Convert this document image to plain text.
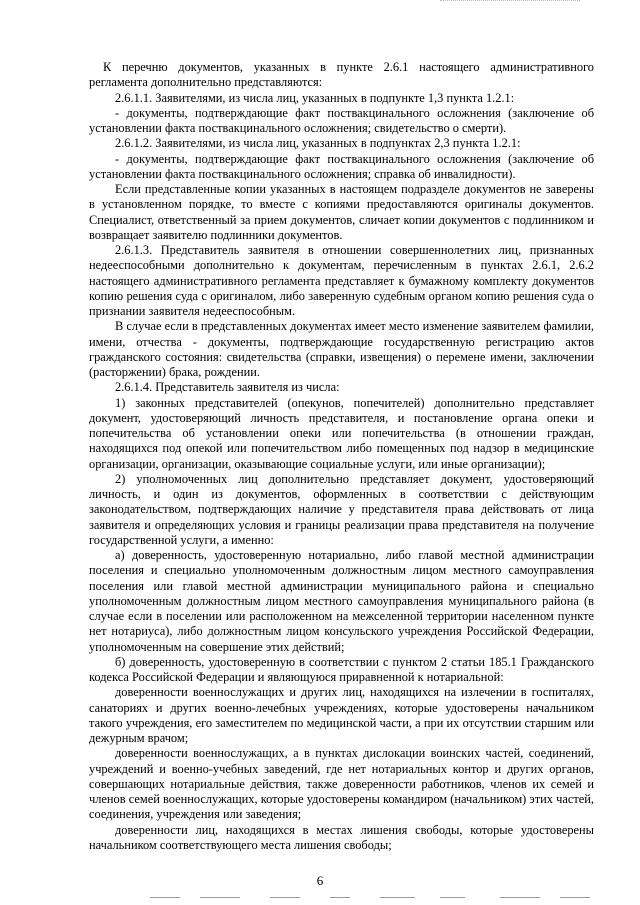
К перечню документов, указанных в пункте 2.6.1 настоящего административного регламента дополнительно представляются:

2.6.1.1. Заявителями, из числа лиц, указанных в подпункте 1,3 пункта 1.2.1:

- документы, подтверждающие факт поствакцинального осложнения (заключение об установлении факта поствакцинального осложнения; свидетельство о смерти).

2.6.1.2. Заявителями, из числа лиц, указанных в подпунктах 2,3 пункта 1.2.1:

- документы, подтверждающие факт поствакцинального осложнения (заключение об установлении факта поствакцинального осложнения; справка об инвалидности).

Если представленные копии указанных в настоящем подразделе документов не заверены в установленном порядке, то вместе с копиями предоставляются оригиналы документов. Специалист, ответственный за прием документов, сличает копии документов с подлинником и возвращает заявителю подлинники документов.

2.6.1.3. Представитель заявителя в отношении совершеннолетних лиц, признанных недееспособными дополнительно к документам, перечисленным в пунктах 2.6.1, 2.6.2 настоящего административного регламента представляет к бумажному комплекту документов копию решения суда с оригиналом, либо заверенную судебным органом копию решения суда о признании заявителя недееспособным.

В случае если в представленных документах имеет место изменение заявителем фамилии, имени, отчества - документы, подтверждающие государственную регистрацию актов гражданского состояния: свидетельства (справки, извещения) о перемене имени, заключении (расторжении) брака, рождении.

2.6.1.4. Представитель заявителя из числа:

1) законных представителей (опекунов, попечителей) дополнительно представляет документ, удостоверяющий личность представителя, и постановление органа опеки и попечительства об установлении опеки или попечительства (в отношении граждан, находящихся под опекой или попечительством либо помещенных под надзор в медицинские организации, организации, оказывающие социальные услуги, или иные организации);

2) уполномоченных лиц дополнительно представляет документ, удостоверяющий личность, и один из документов, оформленных в соответствии с действующим законодательством, подтверждающих наличие у представителя права действовать от лица заявителя и определяющих условия и границы реализации права представителя на получение государственной услуги, а именно:

а) доверенность, удостоверенную нотариально, либо главой местной администрации поселения и специально уполномоченным должностным лицом местного самоуправления поселения или главой местной администрации муниципального района и специально уполномоченным должностным лицом местного самоуправления муниципального района (в случае если в поселении или расположенном на межселенной территории населенном пункте нет нотариуса), либо должностным лицом консульского учреждения Российской Федерации, уполномоченным на совершение этих действий;

б) доверенность, удостоверенную в соответствии с пунктом 2 статьи 185.1 Гражданского кодекса Российской Федерации и являющуюся приравненной к нотариальной:

доверенности военнослужащих и других лиц, находящихся на излечении в госпиталях, санаториях и других военно-лечебных учреждениях, которые удостоверены начальником такого учреждения, его заместителем по медицинской части, а при их отсутствии старшим или дежурным врачом;

доверенности военнослужащих, а в пунктах дислокации воинских частей, соединений, учреждений и военно-учебных заведений, где нет нотариальных контор и других органов, совершающих нотариальные действия, также доверенности работников, членов их семей и членов семей военнослужащих, которые удостоверены командиром (начальником) этих частей, соединения, учреждения или заведения;

доверенности лиц, находящихся в местах лишения свободы, которые удостоверены начальником соответствующего места лишения свободы;

6
